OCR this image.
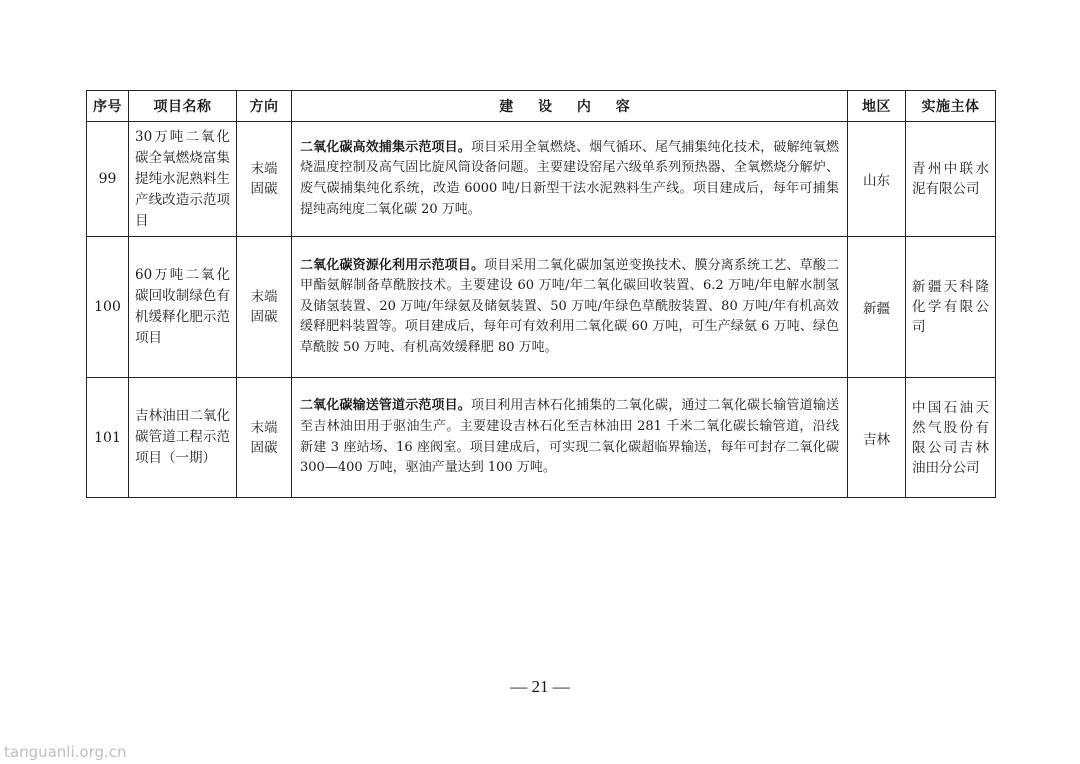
序号	项目名称	方向	建 设 内 容	地区	实施主体
99	30万吨二氧化碳全氧燃烧富集提纯水泥熟料生产线改造示范项目	末端固碳	二氧化碳高效捕集示范项目。项目采用全氧燃烧、烟气循环、尾气捕集纯化技术，破解纯氧燃烧温度控制及高气固比旋风筒设备问题。主要建设窑尾六级单系列预热器、全氧燃烧分解炉、废气碳捕集纯化系统，改造 6000 吨/日新型干法水泥熟料生产线。项目建成后，每年可捕集提纯高纯度二氧化碳 20 万吨。	山东	青州中联水泥有限公司
100	60万吨二氧化碳回收制绿色有机缓释化肥示范项目	末端固碳	二氧化碳资源化利用示范项目。项目采用二氧化碳加氢逆变换技术、膜分离系统工艺、草酸二甲酯氨解制备草酰胺技术。主要建设 60 万吨/年二氧化碳回收装置、6.2 万吨/年电解水制氢及储氢装置、20 万吨/年绿氨及储氨装置、50 万吨/年绿色草酰胺装置、80 万吨/年有机高效缓释肥料装置等。项目建成后，每年可有效利用二氧化碳 60 万吨，可生产绿氨 6 万吨、绿色草酰胺 50 万吨、有机高效缓释肥 80 万吨。	新疆	新疆天科隆化学有限公司
101	吉林油田二氧化碳管道工程示范项目（一期）	末端固碳	二氧化碳输送管道示范项目。项目利用吉林石化捕集的二氧化碳，通过二氧化碳长输管道输送至吉林油田用于驱油生产。主要建设吉林石化至吉林油田 281 千米二氧化碳长输管道，沿线新建 3 座站场、16 座阀室。项目建成后，可实现二氧化碳超临界输送，每年可封存二氧化碳 300—400 万吨，驱油产量达到 100 万吨。	吉林	中国石油天然气股份有限公司吉林油田分公司
— 21 —
tanguanli.org.cn
